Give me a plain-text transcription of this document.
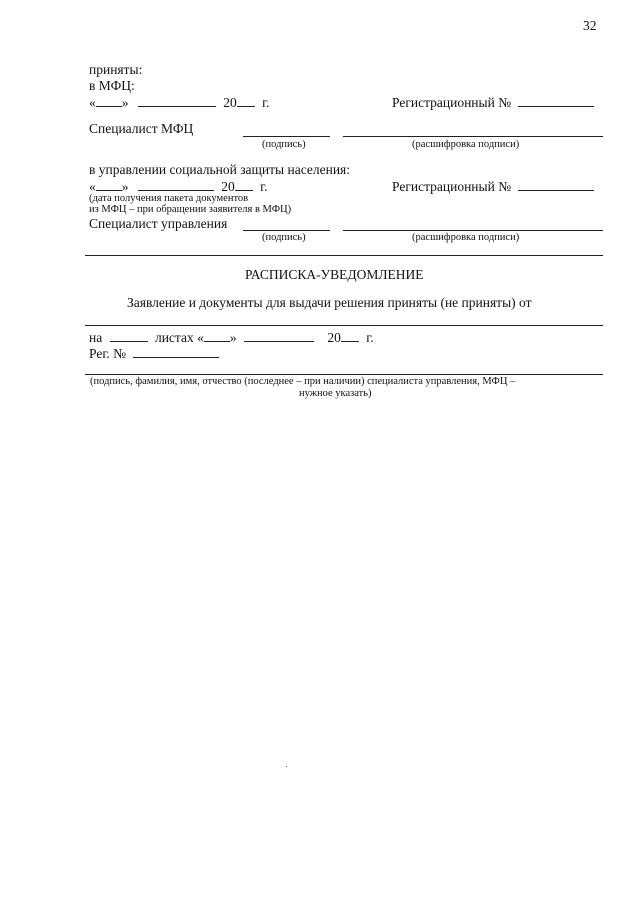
32
приняты:
в МФЦ:
« »	20 г.	Регистрационный №
Специалист МФЦ
(подпись)	(расшифровка подписи)
в управлении социальной защиты населения:
« »	20 г.	Регистрационный №
(дата получения пакета документов
из МФЦ – при обращении заявителя в МФЦ)
Специалист управления
(подпись)	(расшифровка подписи)
РАСПИСКА-УВЕДОМЛЕНИЕ
Заявление и документы для выдачи решения приняты (не приняты) от
на	листах « »	20 г.
Рег. №
(подпись, фамилия, имя, отчество (последнее – при наличии) специалиста управления, МФЦ –
нужное указать)
